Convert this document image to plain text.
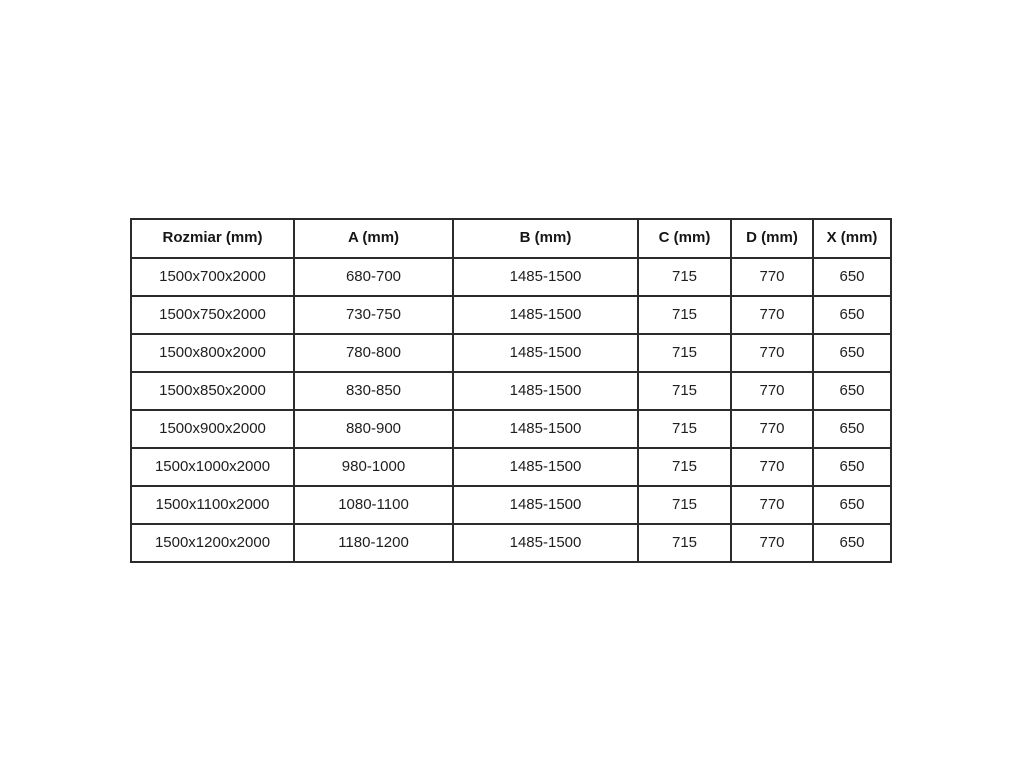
Rozmiar (mm)	A (mm)	B (mm)	C (mm)	D (mm)	X (mm)
1500x700x2000	680-700	1485-1500	715	770	650
1500x750x2000	730-750	1485-1500	715	770	650
1500x800x2000	780-800	1485-1500	715	770	650
1500x850x2000	830-850	1485-1500	715	770	650
1500x900x2000	880-900	1485-1500	715	770	650
1500x1000x2000	980-1000	1485-1500	715	770	650
1500x1100x2000	1080-1100	1485-1500	715	770	650
1500x1200x2000	1180-1200	1485-1500	715	770	650
